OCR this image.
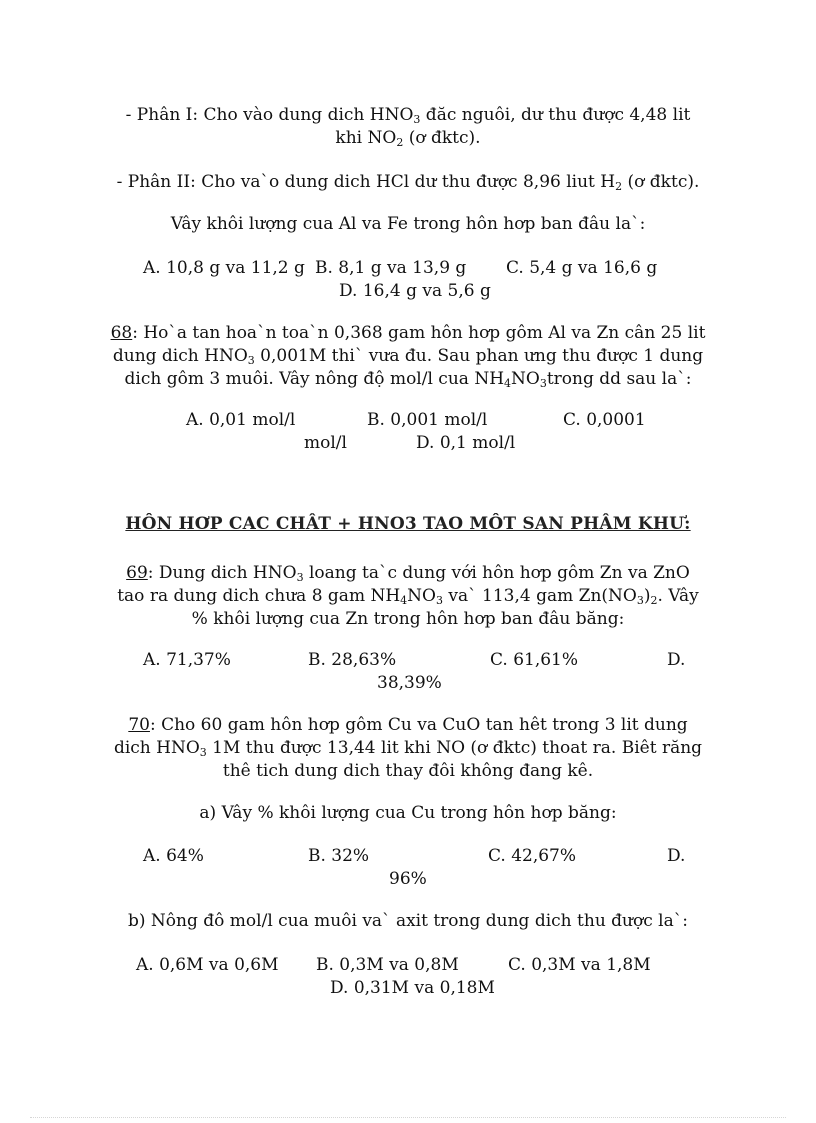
- Phân I: Cho vào dung dich $HNO_3$ đăc nguôi, dư thu được 4,48 lit khi $NO_2$ (ơ đktc).

- Phân II: Cho va`o dung dich HCl dư thu được 8,96 liut $H_2$ (ơ đktc).

Vây khôi lượng cua Al va Fe trong hôn hơp ban đâu la`:

A. 10,8 g va 11,2 g B. 8,1 g va 13,9 g C. 5,4 g va 16,6 g
D. 16,4 g va 5,6 g

68: Ho`a tan hoa`n toa`n 0,368 gam hôn hơp gôm Al va Zn cân 25 lit dung dich $HNO_3$ 0,001M thi` vưa đu. Sau phan ưng thu được 1 dung dich gôm 3 muôi. Vây nông độ mol/l cua $NH_4NO_3trong$ dd sau la`:

A. 0,01 mol/l	B. 0,001 mol/l	C. 0,0001
mol/l	D. 0,1 mol/l
HÔN HƠP CAC CHÂT + HNO3 TAO MÔT SAN PHÂM KHƯ:

69: Dung dich $HNO_3$ loang ta`c dung với hôn hơp gôm Zn va ZnO tao ra dung dich chưa 8 gam $NH_4NO_3$ va` 113,4 gam $Zn(NO_3)_2$. Vây % khôi lượng cua Zn trong hôn hơp ban đâu băng:

A. 71,37%	B. 28,63%	C. 61,61%	D.
38,39%

70: Cho 60 gam hôn hơp gôm Cu va CuO tan hêt trong 3 lit dung dich $HNO_3$ 1M thu được 13,44 lit khi NO (ơ đktc) thoat ra. Biêt răng thê tich dung dich thay đôi không đang kê.

a) Vây % khôi lượng cua Cu trong hôn hơp băng:

A. 64%	B. 32%	C. 42,67%	D.
96%

b) Nông đô mol/l cua muôi va` axit trong dung dich thu được la`:

A. 0,6M va 0,6M B. 0,3M va 0,8M	C. 0,3M va 1,8M
D. 0,31M va 0,18M
